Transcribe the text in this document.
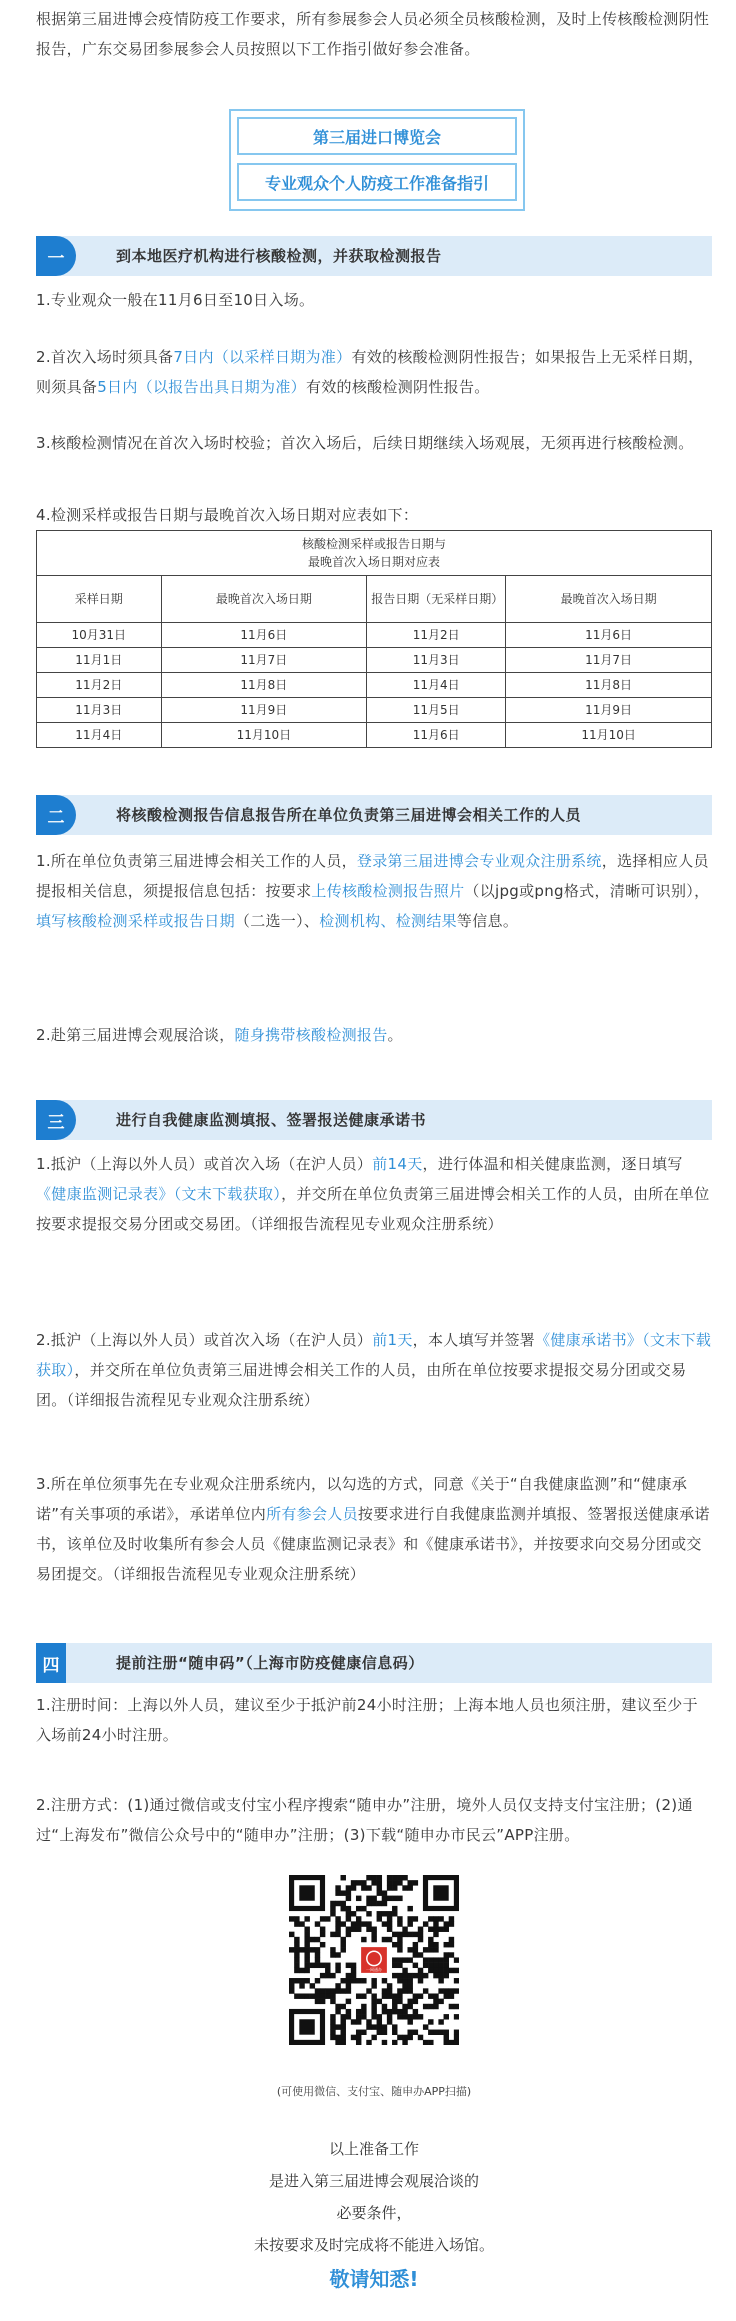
根据第三届进博会疫情防疫工作要求，所有参展参会人员必须全员核酸检测，及时上传核酸检测阴性报告，广东交易团参展参会人员按照以下工作指引做好参会准备。

第三届进口博览会
专业观众个人防疫工作准备指引
一	到本地医疗机构进行核酸检测，并获取检测报告

1.专业观众一般在11月6日至10日入场。

2.首次入场时须具备7日内（以采样日期为准）有效的核酸检测阴性报告；如果报告上无采样日期，则须具备5日内（以报告出具日期为准）有效的核酸检测阴性报告。

3.核酸检测情况在首次入场时校验；首次入场后，后续日期继续入场观展，无须再进行核酸检测。

4.检测采样或报告日期与最晚首次入场日期对应表如下：

核酸检测采样或报告日期与
最晚首次入场日期对应表			

采样日期	最晚首次入场日期	报告日期（无采样日期）	最晚首次入场日期
10月31日	11月6日	11月2日	11月6日
11月1日	11月7日	11月3日	11月7日
11月2日	11月8日	11月4日	11月8日
11月3日	11月9日	11月5日	11月9日
11月4日	11月10日	11月6日	11月10日
二	将核酸检测报告信息报告所在单位负责第三届进博会相关工作的人员

1.所在单位负责第三届进博会相关工作的人员，登录第三届进博会专业观众注册系统，选择相应人员提报相关信息，须提报信息包括：按要求上传核酸检测报告照片（以jpg或png格式，清晰可识别），填写核酸检测采样或报告日期（二选一）、检测机构、检测结果等信息。

2.赴第三届进博会观展洽谈，随身携带核酸检测报告。

三	进行自我健康监测填报、签署报送健康承诺书

1.抵沪（上海以外人员）或首次入场（在沪人员）前14天，进行体温和相关健康监测，逐日填写《健康监测记录表》（文末下载获取），并交所在单位负责第三届进博会相关工作的人员，由所在单位按要求提报交易分团或交易团。（详细报告流程见专业观众注册系统）

2.抵沪（上海以外人员）或首次入场（在沪人员）前1天，本人填写并签署《健康承诺书》（文末下载获取），并交所在单位负责第三届进博会相关工作的人员，由所在单位按要求提报交易分团或交易团。（详细报告流程见专业观众注册系统）

3.所在单位须事先在专业观众注册系统内，以勾选的方式，同意《关于“自我健康监测”和“健康承诺”有关事项的承诺》，承诺单位内所有参会人员按要求进行自我健康监测并填报、签署报送健康承诺书，该单位及时收集所有参会人员《健康监测记录表》和《健康承诺书》，并按要求向交易分团或交易团提交。（详细报告流程见专业观众注册系统）

四	提前注册“随申码”（上海市防疫健康信息码）

1.注册时间：上海以外人员，建议至少于抵沪前24小时注册；上海本地人员也须注册，建议至少于入场前24小时注册。

2.注册方式：(1)通过微信或支付宝小程序搜索“随申办”注册，境外人员仅支持支付宝注册；(2)通过“上海发布”微信公众号中的“随申办”注册；(3)下载“随申办市民云”APP注册。

一网通办
(可使用微信、支付宝、随申办APP扫描)
以上准备工作
是进入第三届进博会观展洽谈的
必要条件，
未按要求及时完成将不能进入场馆。
敬请知悉!
